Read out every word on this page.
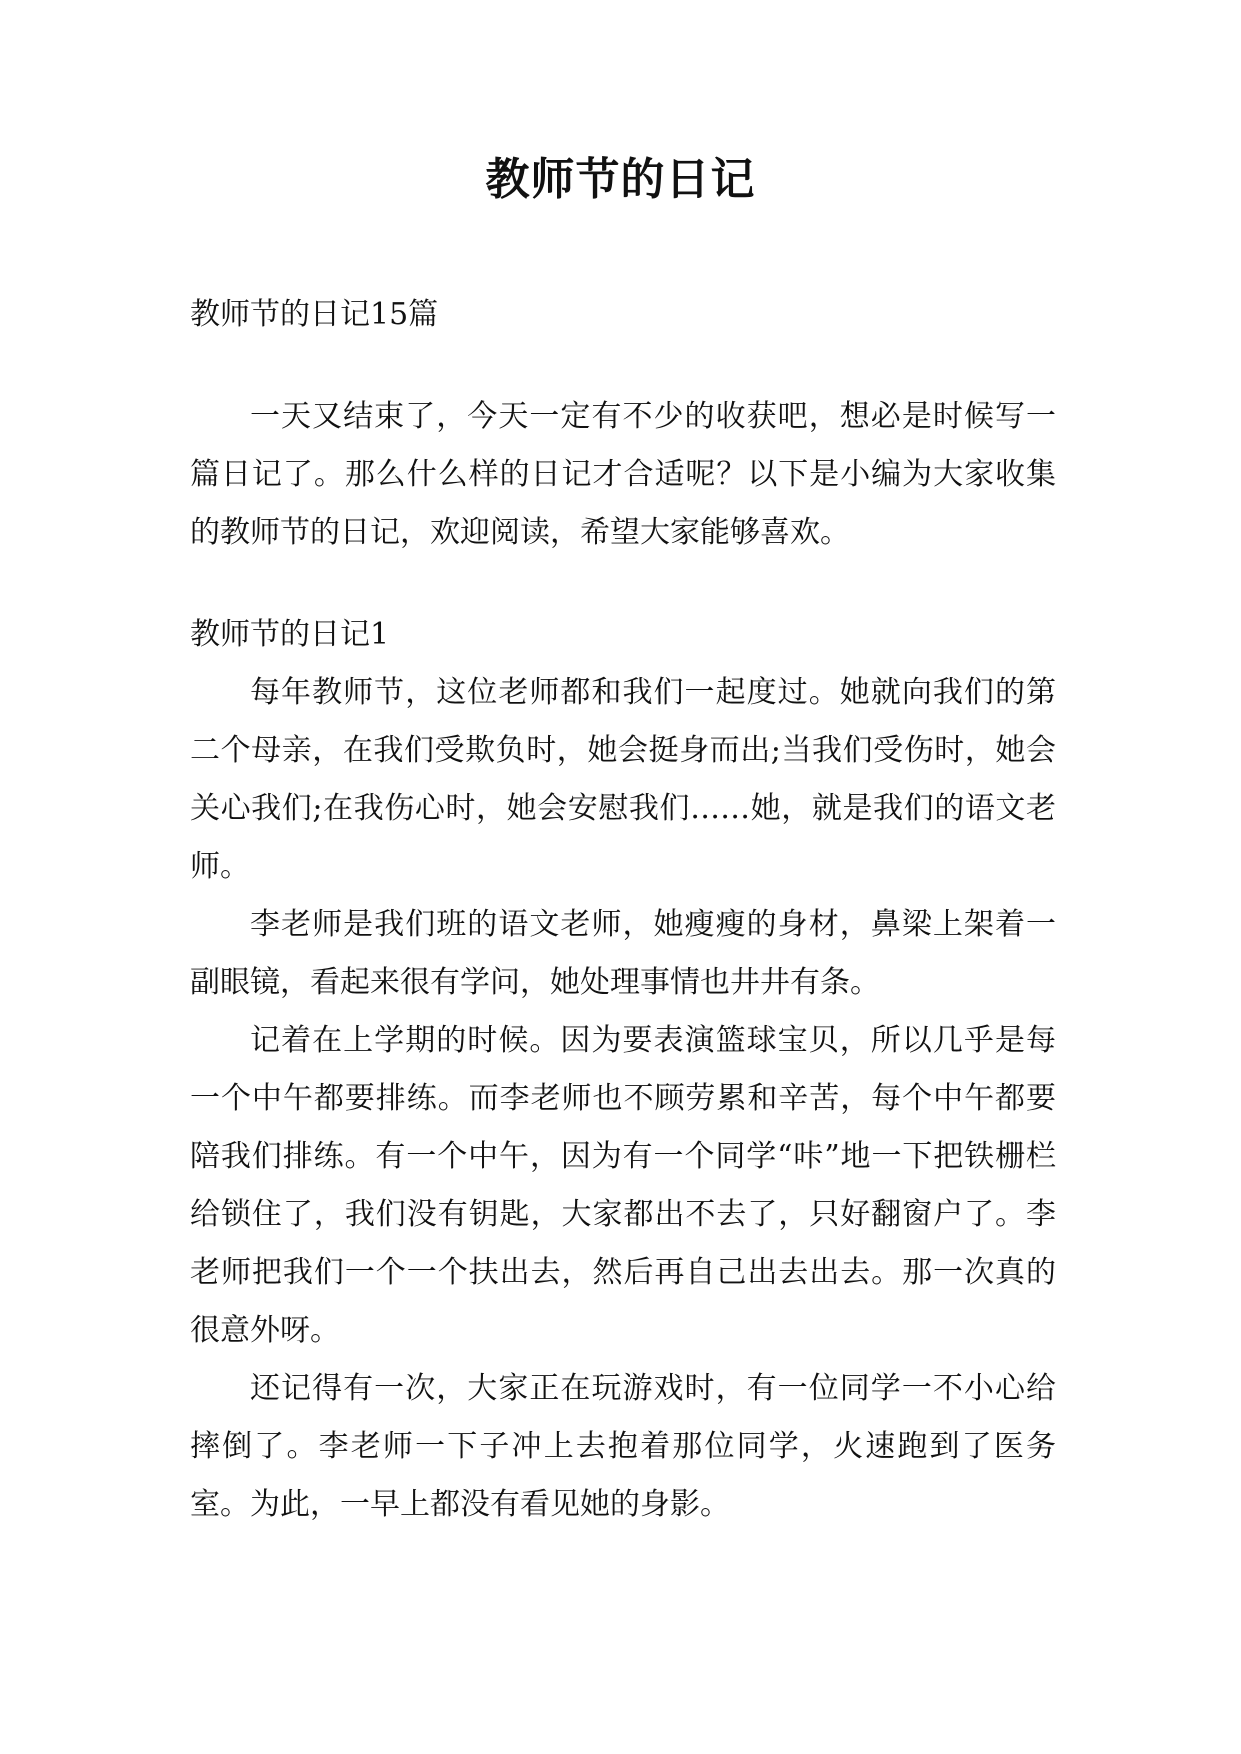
教师节的日记

教师节的日记15篇

一天又结束了，今天一定有不少的收获吧，想必是时候写一篇日记了。那么什么样的日记才合适呢？以下是小编为大家收集的教师节的日记，欢迎阅读，希望大家能够喜欢。

教师节的日记1

每年教师节，这位老师都和我们一起度过。她就向我们的第二个母亲，在我们受欺负时，她会挺身而出;当我们受伤时，她会关心我们;在我伤心时，她会安慰我们……她，就是我们的语文老师。

李老师是我们班的语文老师，她瘦瘦的身材，鼻梁上架着一副眼镜，看起来很有学问，她处理事情也井井有条。

记着在上学期的时候。因为要表演篮球宝贝，所以几乎是每一个中午都要排练。而李老师也不顾劳累和辛苦，每个中午都要陪我们排练。有一个中午，因为有一个同学“咔”地一下把铁栅栏给锁住了，我们没有钥匙，大家都出不去了，只好翻窗户了。李老师把我们一个一个扶出去，然后再自己出去出去。那一次真的很意外呀。

还记得有一次，大家正在玩游戏时，有一位同学一不小心给摔倒了。李老师一下子冲上去抱着那位同学，火速跑到了医务室。为此，一早上都没有看见她的身影。
